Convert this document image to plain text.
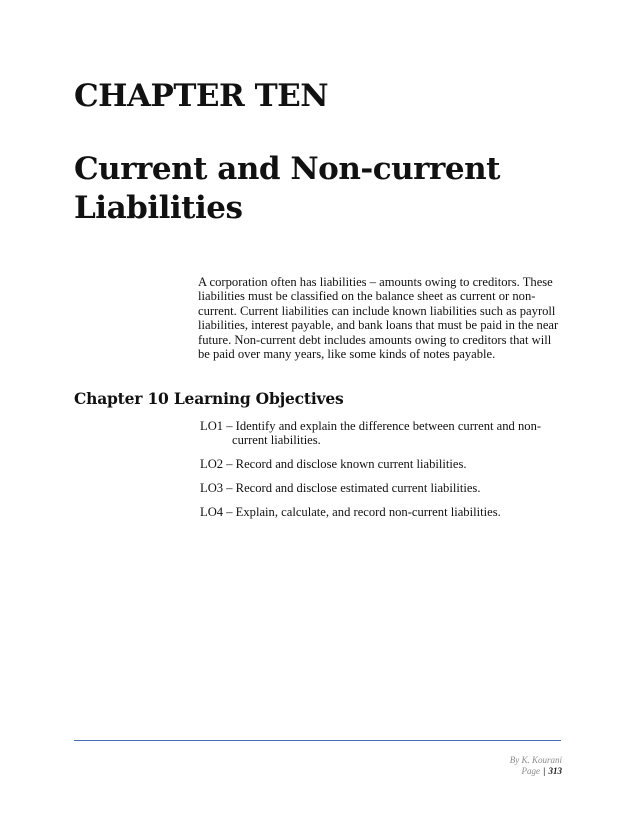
CHAPTER TEN
Current and Non-current Liabilities

A corporation often has liabilities – amounts owing to creditors. These liabilities must be classified on the balance sheet as current or non-current. Current liabilities can include known liabilities such as payroll liabilities, interest payable, and bank loans that must be paid in the near future. Non-current debt includes amounts owing to creditors that will be paid over many years, like some kinds of notes payable.

Chapter 10 Learning Objectives
LO1 – Identify and explain the difference between current and non-current liabilities.
LO2 – Record and disclose known current liabilities.
LO3 – Record and disclose estimated current liabilities.
LO4 – Explain, calculate, and record non-current liabilities.

By K. Kourani

Page | 313
